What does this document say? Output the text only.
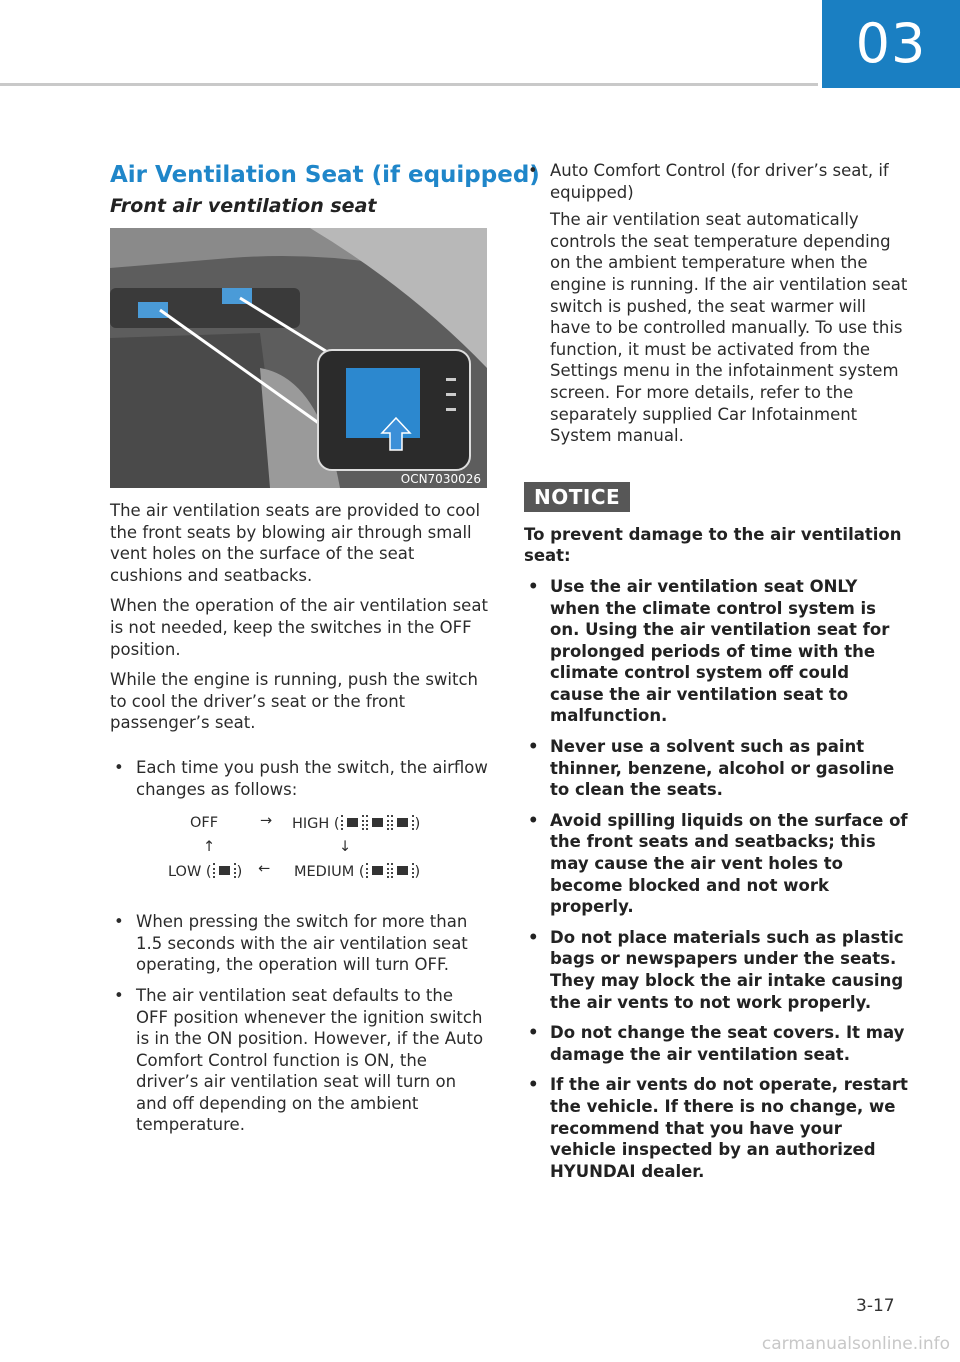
03
Air Ventilation Seat (if equipped)
Front air ventilation seat
OCN7030026

The air ventilation seats are provided to cool the front seats by blowing air through small vent holes on the surface of the seat cushions and seatbacks.

When the operation of the air ventilation seat is not needed, keep the switches in the OFF position.

While the engine is running, push the switch to cool the driver’s seat or the front passenger’s seat.

• Each time you push the switch, the airflow changes as follows:
OFF	→ HIGH (	)
↑	↓
LOW ( ) ← MEDIUM (	)
• When pressing the switch for more than 1.5 seconds with the air ventilation seat operating, the operation will turn OFF.
• The air ventilation seat defaults to the OFF position whenever the ignition switch is in the ON position. However, if the Auto Comfort Control function is ON, the driver’s air ventilation seat will turn on and off depending on the ambient temperature.
• Auto Comfort Control (for driver’s seat, if equipped)

The air ventilation seat automatically controls the seat temperature depending on the ambient temperature when the engine is running. If the air ventilation seat switch is pushed, the seat warmer will have to be controlled manually. To use this function, it must be activated from the Settings menu in the infotainment system screen. For more details, refer to the separately supplied Car Infotainment System manual.

NOTICE

To prevent damage to the air ventilation seat:

• Use the air ventilation seat ONLY when the climate control system is on. Using the air ventilation seat for prolonged periods of time with the climate control system off could cause the air ventilation seat to malfunction.
• Never use a solvent such as paint thinner, benzene, alcohol or gasoline to clean the seats.
• Avoid spilling liquids on the surface of the front seats and seatbacks; this may cause the air vent holes to become blocked and not work properly.
• Do not place materials such as plastic bags or newspapers under the seats. They may block the air intake causing the air vents to not work properly.
• Do not change the seat covers. It may damage the air ventilation seat.
• If the air vents do not operate, restart the vehicle. If there is no change, we recommend that you have your vehicle inspected by an authorized HYUNDAI dealer.
3-17
carmanualsonline.info
